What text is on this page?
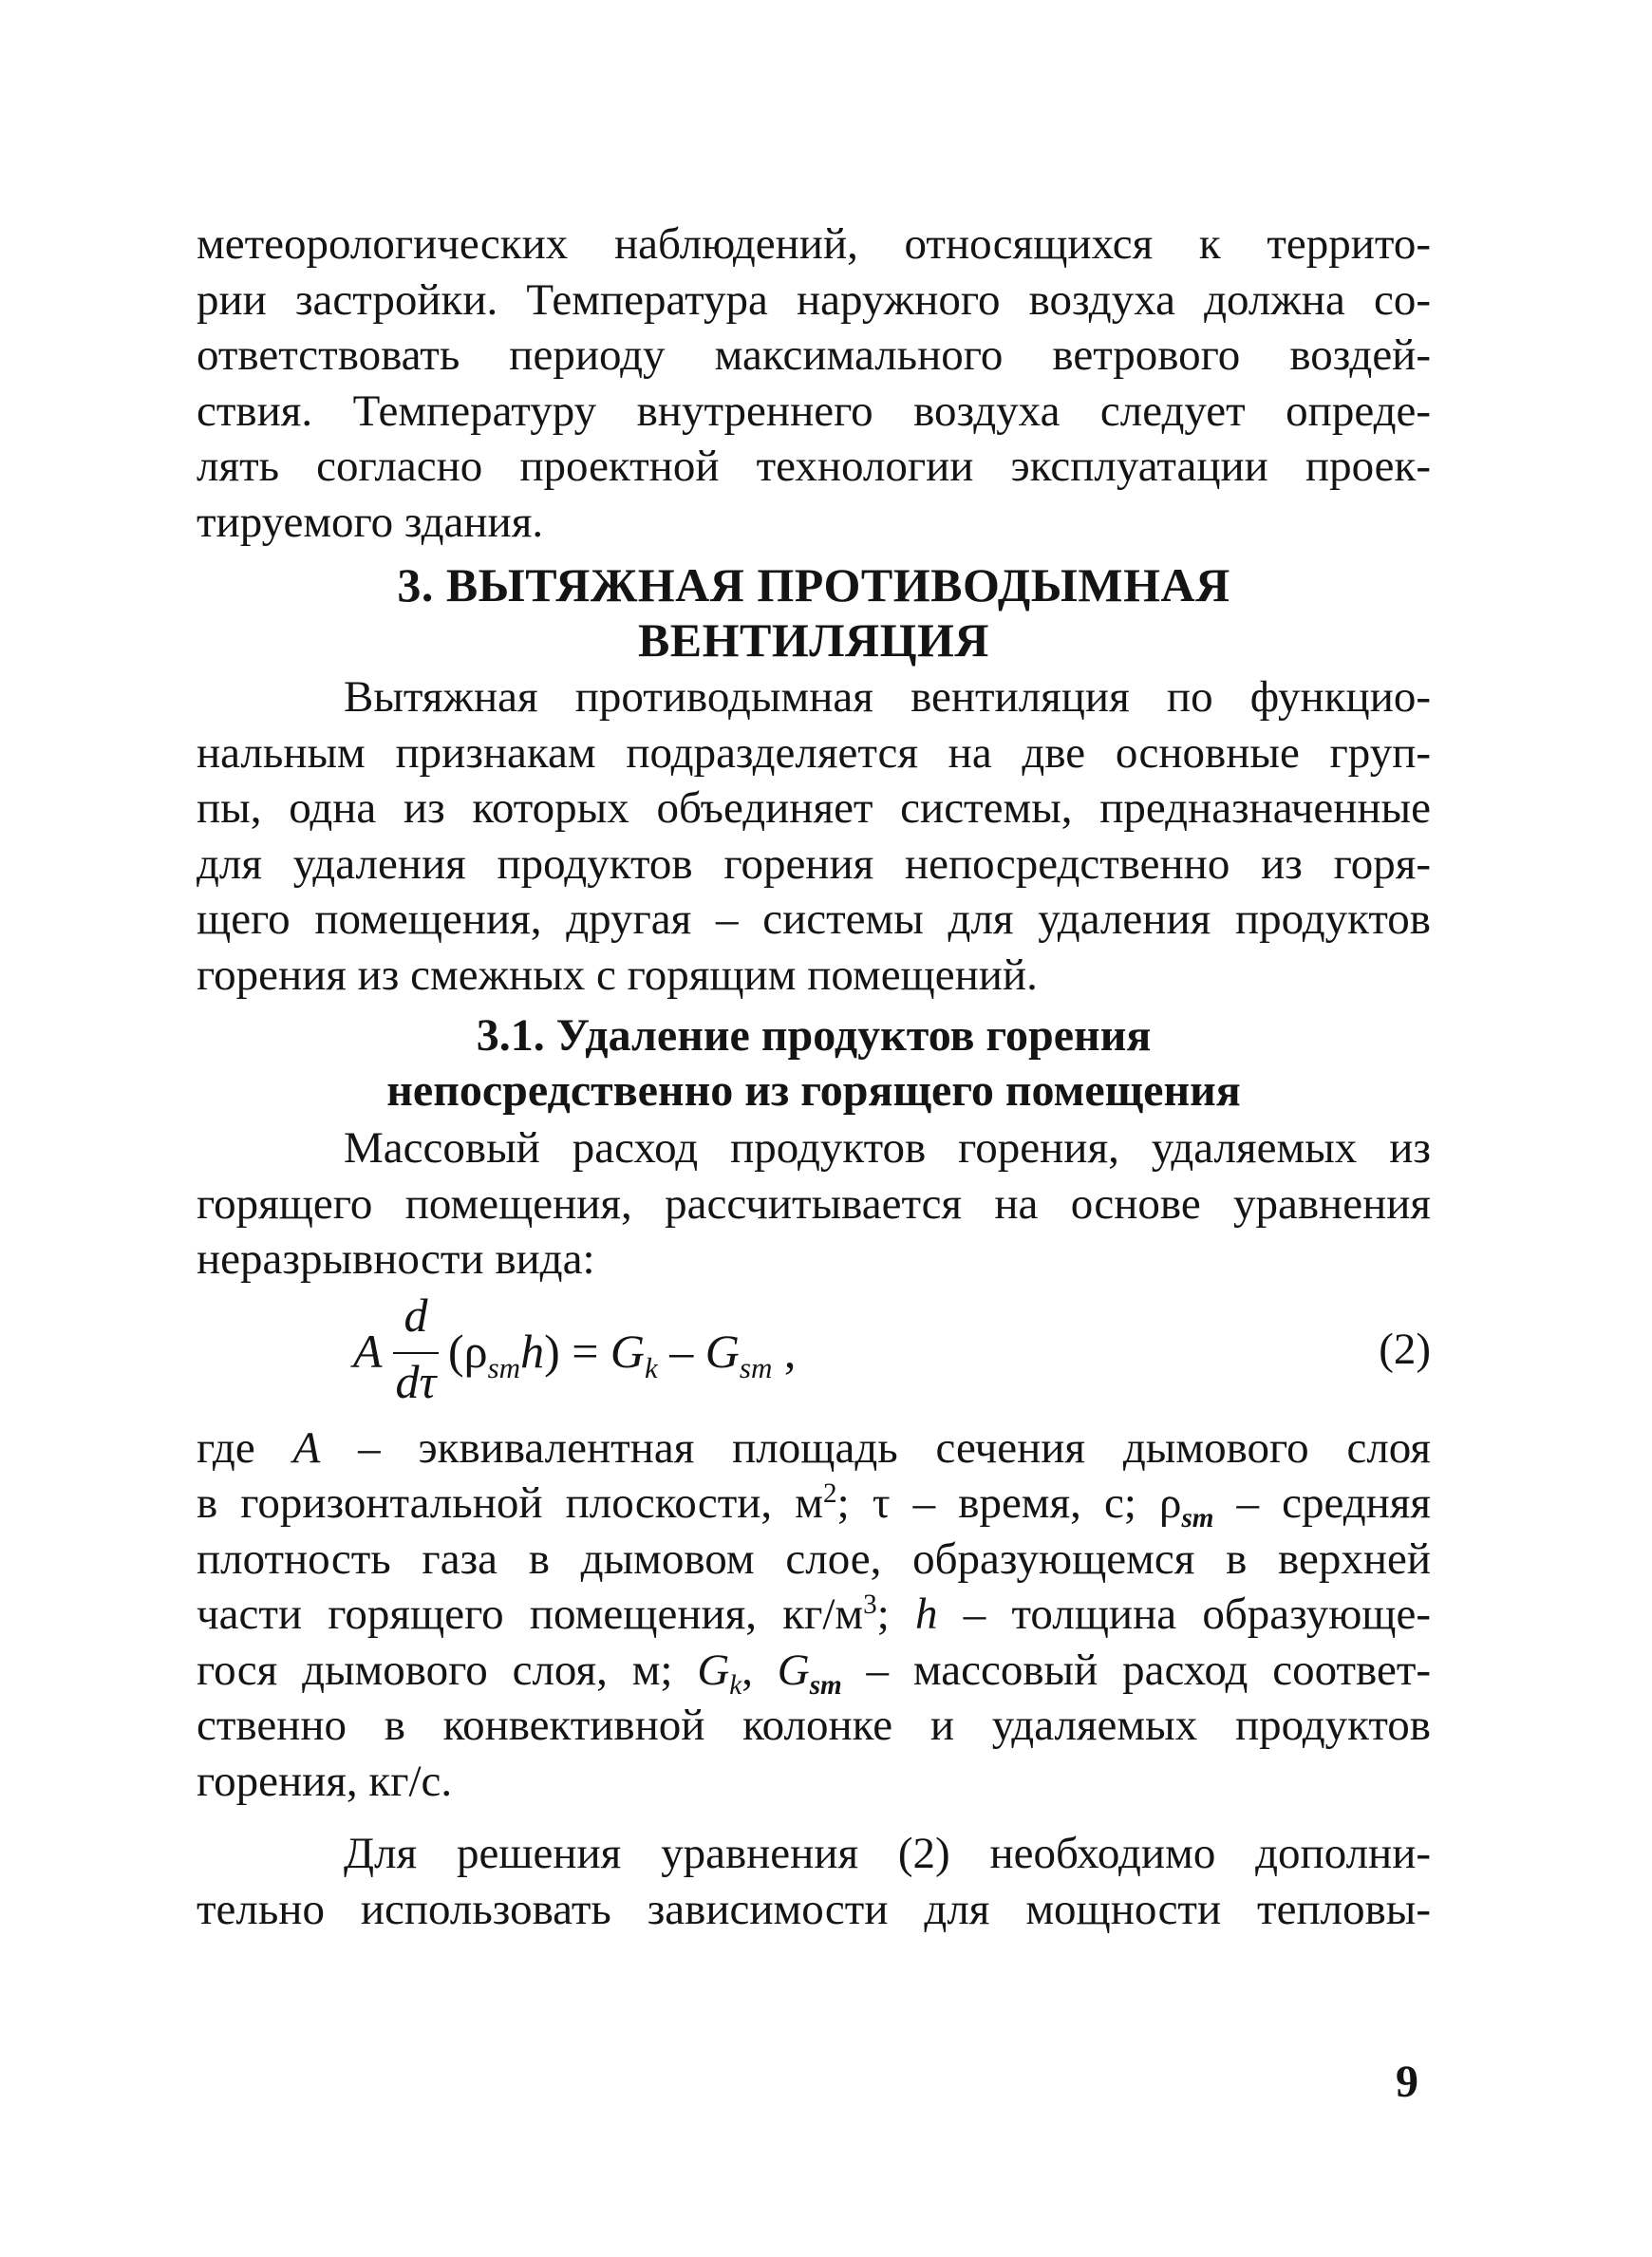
метеорологических наблюдений, относящихся к террито-

рии застройки. Температура наружного воздуха должна со-

ответствовать периоду максимального ветрового воздей-

ствия. Температуру внутреннего воздуха следует опреде-

лять согласно проектной технологии эксплуатации проек-

тируемого здания.

3. ВЫТЯЖНАЯ ПРОТИВОДЫМНАЯ
ВЕНТИЛЯЦИЯ

Вытяжная противодымная вентиляция по функцио-

нальным признакам подразделяется на две основные груп-

пы, одна из которых объединяет системы, предназначенные

для удаления продуктов горения непосредственно из горя-

щего помещения, другая – системы для удаления продуктов

горения из смежных с горящим помещений.

3.1. Удаление продуктов горения
непосредственно из горящего помещения

Массовый расход продуктов горения, удаляемых из

горящего помещения, рассчитывается на основе уравнения

неразрывности вида:

A
d
dτ
$(\rho_{sm}h) = G_k - G_{sm}$ ,	(2)

где A – эквивалентная площадь сечения дымового слоя

в горизонтальной плоскости, $м^2$; τ – время, с; $\rho_{sm}$ – средняя

плотность газа в дымовом слое, образующемся в верхней

части горящего помещения, $кг/м^3$; h – толщина образующе-

гося дымового слоя, м; $G_k$, $G_{sm}$ – массовый расход соответ-

ственно в конвективной колонке и удаляемых продуктов

горения, кг/с.

Для решения уравнения (2) необходимо дополни-

тельно использовать зависимости для мощности тепловы-

9
